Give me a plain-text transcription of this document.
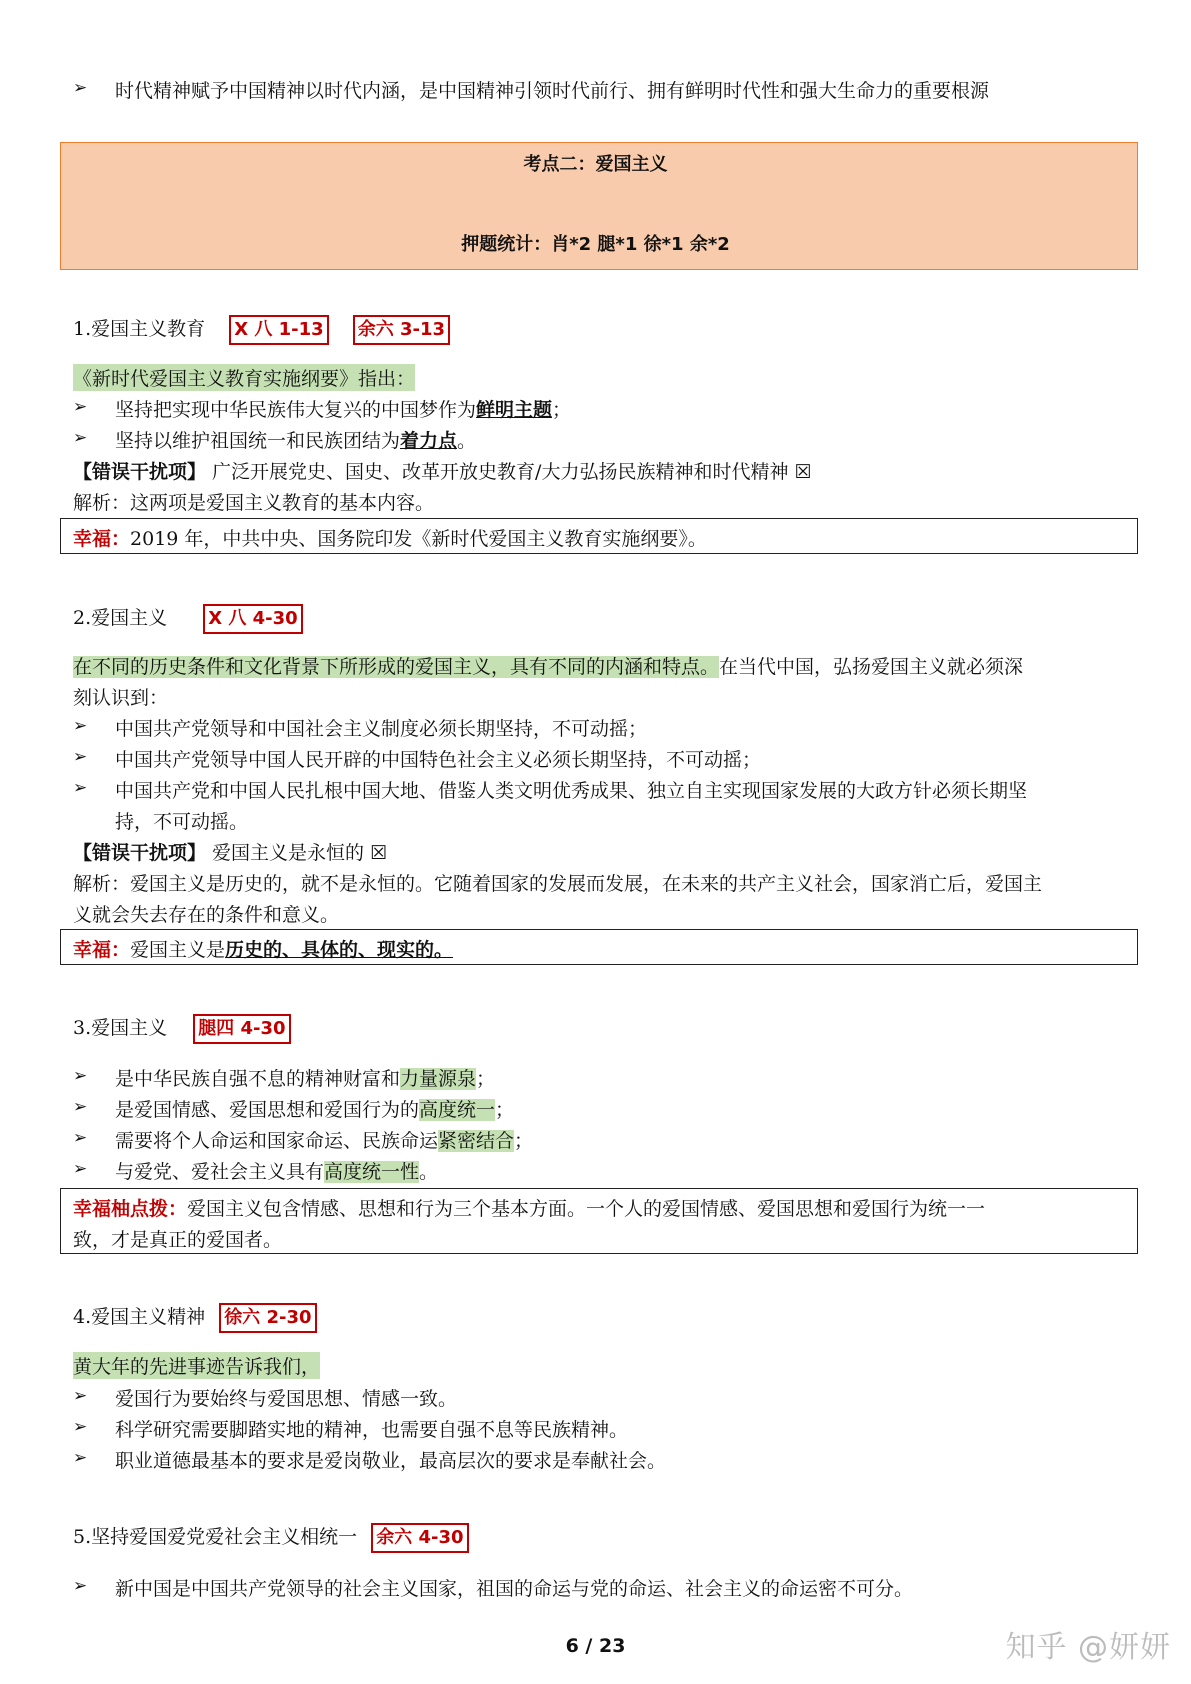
➢ 时代精神赋予中国精神以时代内涵，是中国精神引领时代前行、拥有鲜明时代性和强大生命力的重要根源
考点二：爱国主义
押题统计：肖*2 腿*1 徐*1 余*2
1.爱国主义教育 X 八 1-13 余六 3-13
《新时代爱国主义教育实施纲要》指出：
➢ 坚持把实现中华民族伟大复兴的中国梦作为鲜明主题；
➢ 坚持以维护祖国统一和民族团结为着力点。
【错误干扰项】 广泛开展党史、国史、改革开放史教育/大力弘扬民族精神和时代精神 ☒
解析：这两项是爱国主义教育的基本内容。
幸福：2019 年，中共中央、国务院印发《新时代爱国主义教育实施纲要》。
2.爱国主义 X 八 4-30
在不同的历史条件和文化背景下所形成的爱国主义，具有不同的内涵和特点。在当代中国，弘扬爱国主义就必须深
刻认识到：
➢ 中国共产党领导和中国社会主义制度必须长期坚持，不可动摇；
➢ 中国共产党领导中国人民开辟的中国特色社会主义必须长期坚持，不可动摇；
➢ 中国共产党和中国人民扎根中国大地、借鉴人类文明优秀成果、独立自主实现国家发展的大政方针必须长期坚
持，不可动摇。
【错误干扰项】 爱国主义是永恒的 ☒
解析：爱国主义是历史的，就不是永恒的。它随着国家的发展而发展，在未来的共产主义社会，国家消亡后，爱国主
义就会失去存在的条件和意义。
幸福：爱国主义是历史的、具体的、现实的。
3.爱国主义 腿四 4-30
➢ 是中华民族自强不息的精神财富和力量源泉；
➢ 是爱国情感、爱国思想和爱国行为的高度统一；
➢ 需要将个人命运和国家命运、民族命运紧密结合；
➢ 与爱党、爱社会主义具有高度统一性。
幸福柚点拨：爱国主义包含情感、思想和行为三个基本方面。一个人的爱国情感、爱国思想和爱国行为统一一
致，才是真正的爱国者。
4.爱国主义精神 徐六 2-30
黄大年的先进事迹告诉我们，
➢ 爱国行为要始终与爱国思想、情感一致。
➢ 科学研究需要脚踏实地的精神，也需要自强不息等民族精神。
➢ 职业道德最基本的要求是爱岗敬业，最高层次的要求是奉献社会。
5.坚持爱国爱党爱社会主义相统一 余六 4-30
➢ 新中国是中国共产党领导的社会主义国家，祖国的命运与党的命运、社会主义的命运密不可分。
6 / 23	知乎 @妍妍
